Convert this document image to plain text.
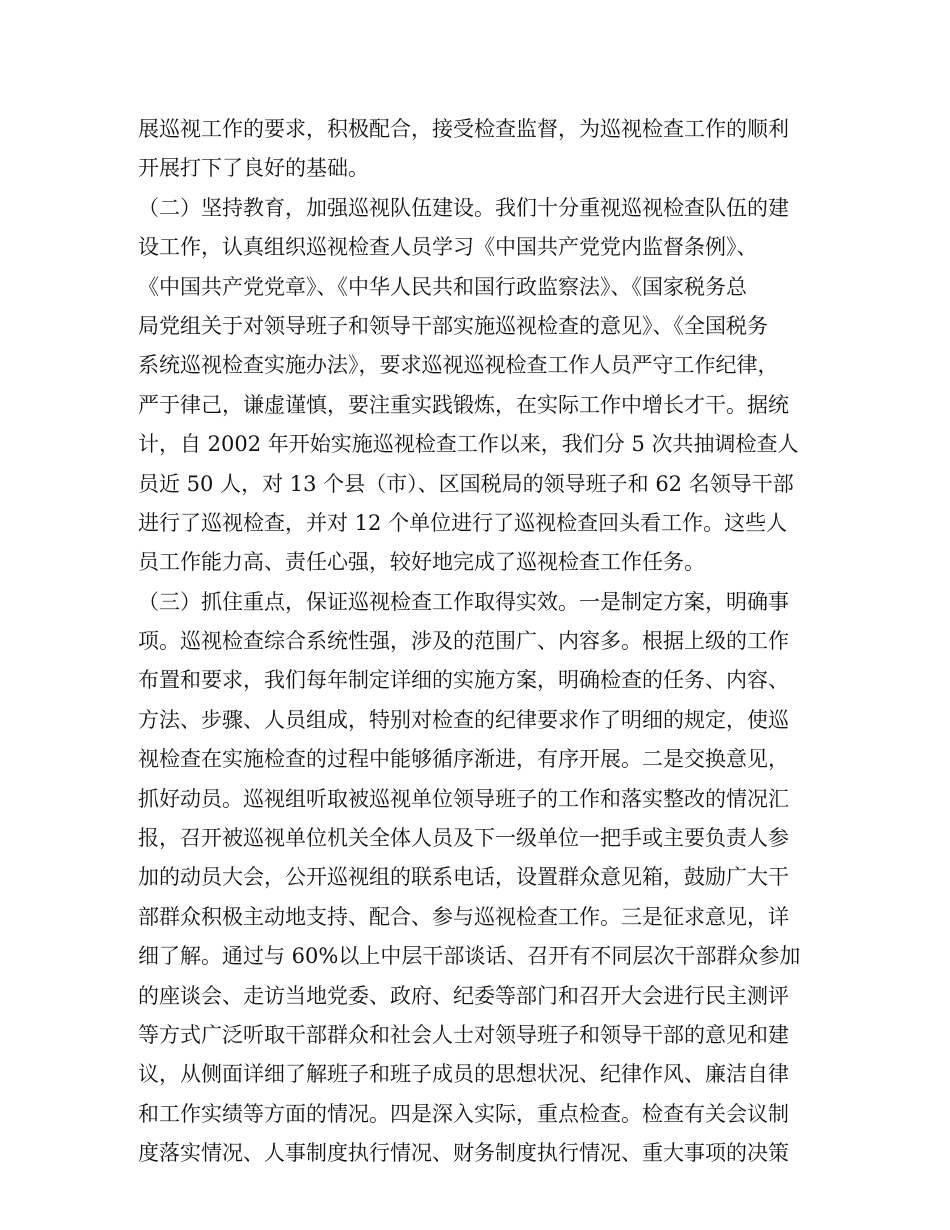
展巡视工作的要求，积极配合，接受检查监督，为巡视检查工作的顺利
开展打下了良好的基础。
（二）坚持教育，加强巡视队伍建设。我们十分重视巡视检查队伍的建
设工作，认真组织巡视检查人员学习《中国共产党党内监督条例》、
《中国共产党党章》、《中华人民共和国行政监察法》、《国家税务总
局党组关于对领导班子和领导干部实施巡视检查的意见》、《全国税务
系统巡视检查实施办法》，要求巡视巡视检查工作人员严守工作纪律，
严于律己，谦虚谨慎，要注重实践锻炼，在实际工作中增长才干。据统
计，自 2002 年开始实施巡视检查工作以来，我们分 5 次共抽调检查人
员近 50 人，对 13 个县（市）、区国税局的领导班子和 62 名领导干部
进行了巡视检查，并对 12 个单位进行了巡视检查回头看工作。这些人
员工作能力高、责任心强，较好地完成了巡视检查工作任务。
（三）抓住重点，保证巡视检查工作取得实效。一是制定方案，明确事
项。巡视检查综合系统性强，涉及的范围广、内容多。根据上级的工作
布置和要求，我们每年制定详细的实施方案，明确检查的任务、内容、
方法、步骤、人员组成，特别对检查的纪律要求作了明细的规定，使巡
视检查在实施检查的过程中能够循序渐进，有序开展。二是交换意见，
抓好动员。巡视组听取被巡视单位领导班子的工作和落实整改的情况汇
报，召开被巡视单位机关全体人员及下一级单位一把手或主要负责人参
加的动员大会，公开巡视组的联系电话，设置群众意见箱，鼓励广大干
部群众积极主动地支持、配合、参与巡视检查工作。三是征求意见，详
细了解。通过与 60%以上中层干部谈话、召开有不同层次干部群众参加
的座谈会、走访当地党委、政府、纪委等部门和召开大会进行民主测评
等方式广泛听取干部群众和社会人士对领导班子和领导干部的意见和建
议，从侧面详细了解班子和班子成员的思想状况、纪律作风、廉洁自律
和工作实绩等方面的情况。四是深入实际，重点检查。检查有关会议制
度落实情况、人事制度执行情况、财务制度执行情况、重大事项的决策
